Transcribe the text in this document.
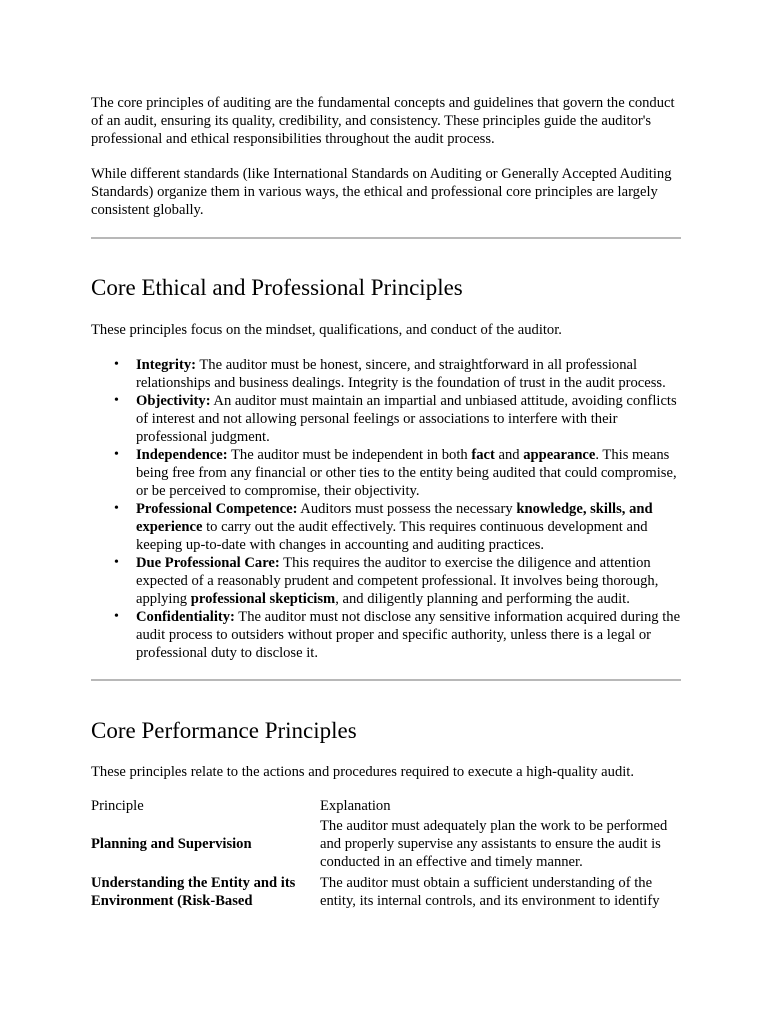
The core principles of auditing are the fundamental concepts and guidelines that govern the conduct of an audit, ensuring its quality, credibility, and consistency. These principles guide the auditor's professional and ethical responsibilities throughout the audit process.

While different standards (like International Standards on Auditing or Generally Accepted Auditing Standards) organize them in various ways, the ethical and professional core principles are largely consistent globally.

Core Ethical and Professional Principles

These principles focus on the mindset, qualifications, and conduct of the auditor.

• Integrity: The auditor must be honest, sincere, and straightforward in all professional relationships and business dealings. Integrity is the foundation of trust in the audit process.
• Objectivity: An auditor must maintain an impartial and unbiased attitude, avoiding conflicts of interest and not allowing personal feelings or associations to interfere with their professional judgment.
• Independence: The auditor must be independent in both fact and appearance. This means being free from any financial or other ties to the entity being audited that could compromise, or be perceived to compromise, their objectivity.
• Professional Competence: Auditors must possess the necessary knowledge, skills, and experience to carry out the audit effectively. This requires continuous development and keeping up-to-date with changes in accounting and auditing practices.
• Due Professional Care: This requires the auditor to exercise the diligence and attention expected of a reasonably prudent and competent professional. It involves being thorough, applying professional skepticism, and diligently planning and performing the audit.
• Confidentiality: The auditor must not disclose any sensitive information acquired during the audit process to outsiders without proper and specific authority, unless there is a legal or professional duty to disclose it.
Core Performance Principles

These principles relate to the actions and procedures required to execute a high-quality audit.

Principle	Explanation
Planning and Supervision	The auditor must adequately plan the work to be performed and properly supervise any assistants to ensure the audit is conducted in an effective and timely manner.
Understanding the Entity and its Environment (Risk-Based	The auditor must obtain a sufficient understanding of the entity, its internal controls, and its environment to identify
